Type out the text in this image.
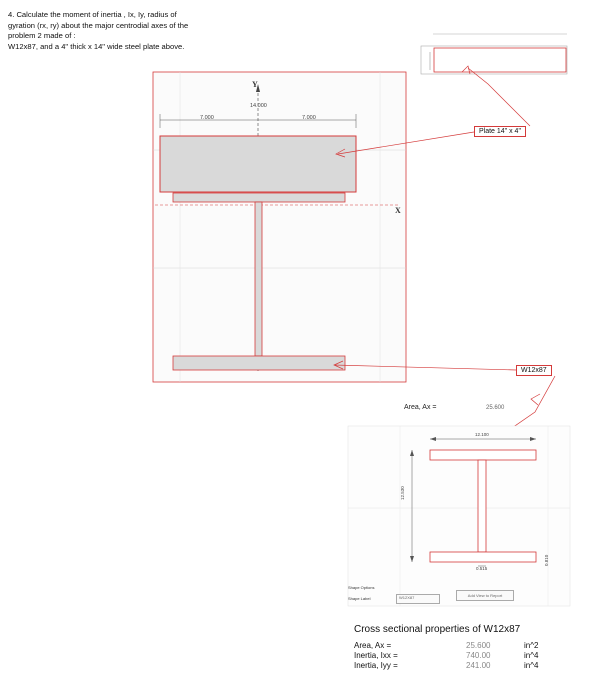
4. Calculate the moment of inertia , Ix, Iy, radius of
gyration (rx, ry) about the major centrodial axes of the
problem 2 made of :
W12x87, and a 4" thick x 14" wide steel plate above.
14.000
7.000	7.000
Y
X
Plate 14" x 4"
W12x87
Area, Ax =	25.600
12.100
12.530
0.515
0.810
Shape Options
Shape Label	W12X87	Add View to Report
Cross sectional properties of W12x87
Area, Ax =	25.600	in^2
Inertia, Ixx =	740.00	in^4
Inertia, Iyy =	241.00	in^4
